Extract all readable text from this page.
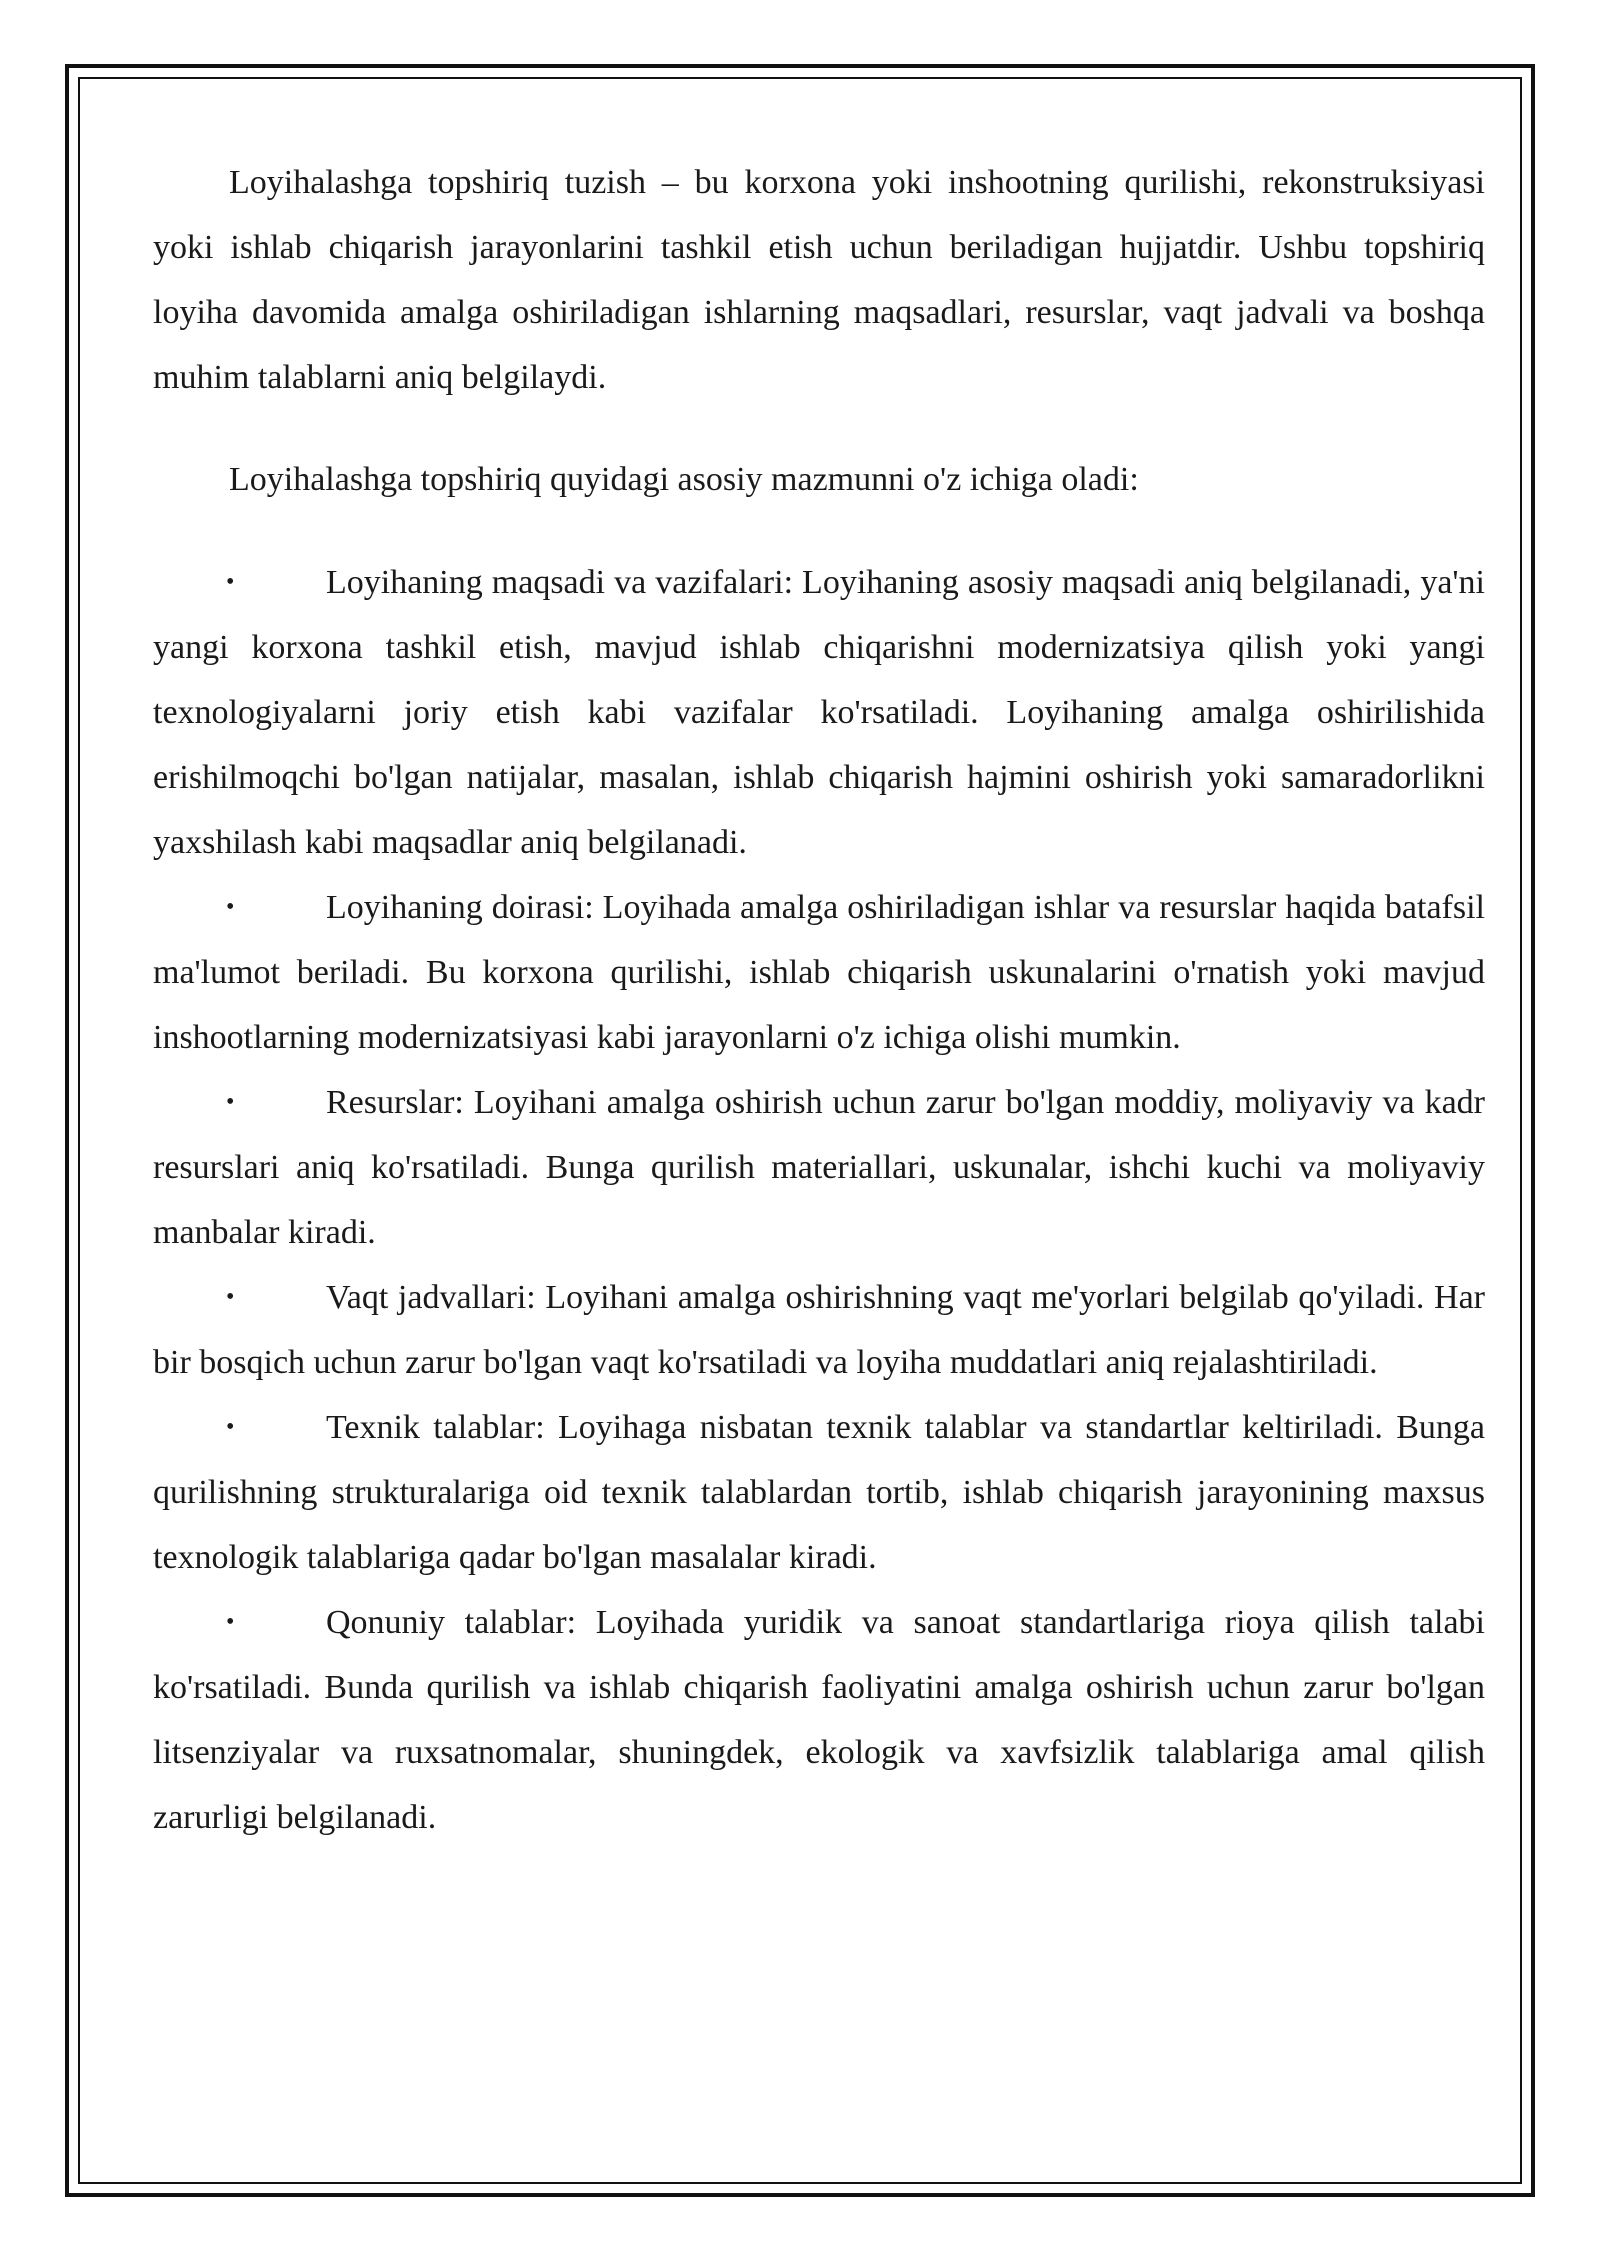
Loyihalashga topshiriq tuzish – bu korxona yoki inshootning qurilishi, rekonstruksiyasi yoki ishlab chiqarish jarayonlarini tashkil etish uchun beriladigan hujjatdir. Ushbu topshiriq loyiha davomida amalga oshiriladigan ishlarning maqsadlari, resurslar, vaqt jadvali va boshqa muhim talablarni aniq belgilaydi.

Loyihalashga topshiriq quyidagi asosiy mazmunni o'z ichiga oladi:

•	Loyihaning maqsadi va vazifalari: Loyihaning asosiy maqsadi aniq belgilanadi, ya'ni yangi korxona tashkil etish, mavjud ishlab chiqarishni modernizatsiya qilish yoki yangi texnologiyalarni joriy etish kabi vazifalar ko'rsatiladi. Loyihaning amalga oshirilishida erishilmoqchi bo'lgan natijalar, masalan, ishlab chiqarish hajmini oshirish yoki samaradorlikni yaxshilash kabi maqsadlar aniq belgilanadi.
•	Loyihaning doirasi: Loyihada amalga oshiriladigan ishlar va resurslar haqida batafsil ma'lumot beriladi. Bu korxona qurilishi, ishlab chiqarish uskunalarini o'rnatish yoki mavjud inshootlarning modernizatsiyasi kabi jarayonlarni o'z ichiga olishi mumkin.
•	Resurslar: Loyihani amalga oshirish uchun zarur bo'lgan moddiy, moliyaviy va kadr resurslari aniq ko'rsatiladi. Bunga qurilish materiallari, uskunalar, ishchi kuchi va moliyaviy manbalar kiradi.
•	Vaqt jadvallari: Loyihani amalga oshirishning vaqt me'yorlari belgilab qo'yiladi. Har bir bosqich uchun zarur bo'lgan vaqt ko'rsatiladi va loyiha muddatlari aniq rejalashtiriladi.
•	Texnik talablar: Loyihaga nisbatan texnik talablar va standartlar keltiriladi. Bunga qurilishning strukturalariga oid texnik talablardan tortib, ishlab chiqarish jarayonining maxsus texnologik talablariga qadar bo'lgan masalalar kiradi.
•	Qonuniy talablar: Loyihada yuridik va sanoat standartlariga rioya qilish talabi ko'rsatiladi. Bunda qurilish va ishlab chiqarish faoliyatini amalga oshirish uchun zarur bo'lgan litsenziyalar va ruxsatnomalar, shuningdek, ekologik va xavfsizlik talablariga amal qilish zarurligi belgilanadi.
